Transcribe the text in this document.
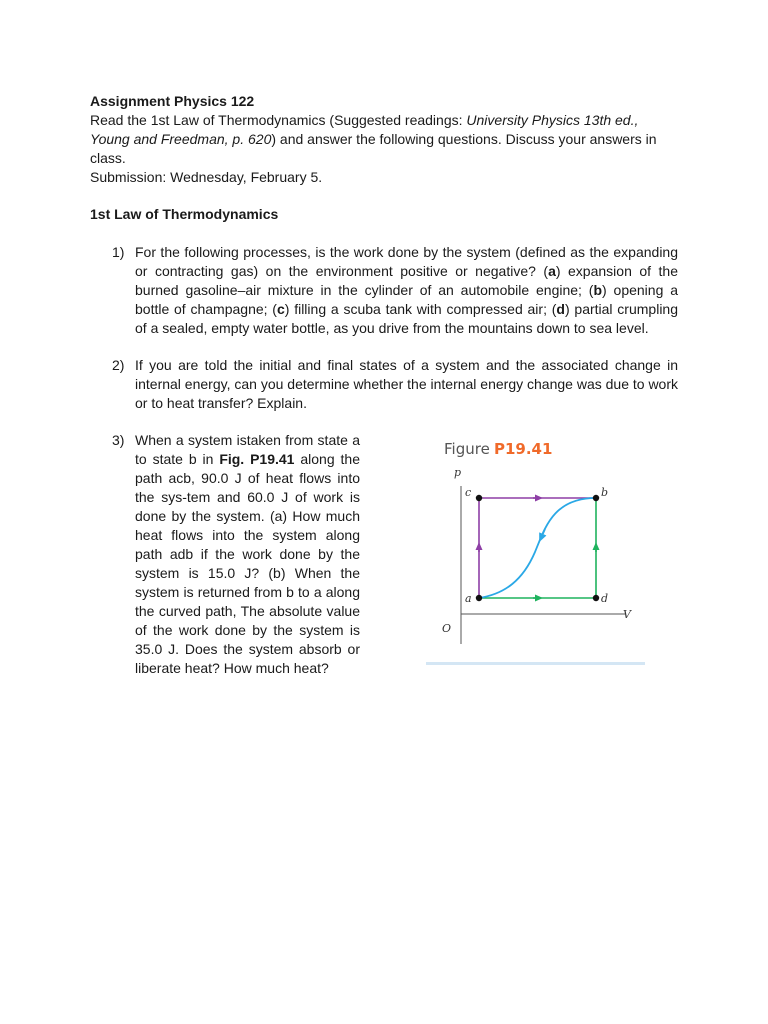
Assignment Physics 122

Read the 1st Law of Thermodynamics (Suggested readings: University Physics 13th ed., Young and Freedman, p. 620) and answer the following questions. Discuss your answers in class.

Submission: Wednesday, February 5.

1st Law of Thermodynamics

1) For the following processes, is the work done by the system (defined as the expanding or contracting gas) on the environment positive or negative? (a) expansion of the burned gasoline–air mixture in the cylinder of an automobile engine; (b) opening a bottle of champagne; (c) filling a scuba tank with compressed air; (d) partial crumpling of a sealed, empty water bottle, as you drive from the mountains down to sea level.
2) If you are told the initial and final states of a system and the associated change in internal energy, can you determine whether the internal energy change was due to work or to heat transfer? Explain.
3) When a system istaken from state a to state b in Fig. P19.41 along the path acb, 90.0 J of heat flows into the sys-tem and 60.0 J of work is done by the system. (a) How much heat flows into the system along path adb if the work done by the system is 15.0 J? (b) When the system is returned from b to a along the curved path, The absolute value of the work done by the system is 35.0 J. Does the system absorb or liberate heat? How much heat?
Figure P19.41
p
V
O
c	b
a	d
